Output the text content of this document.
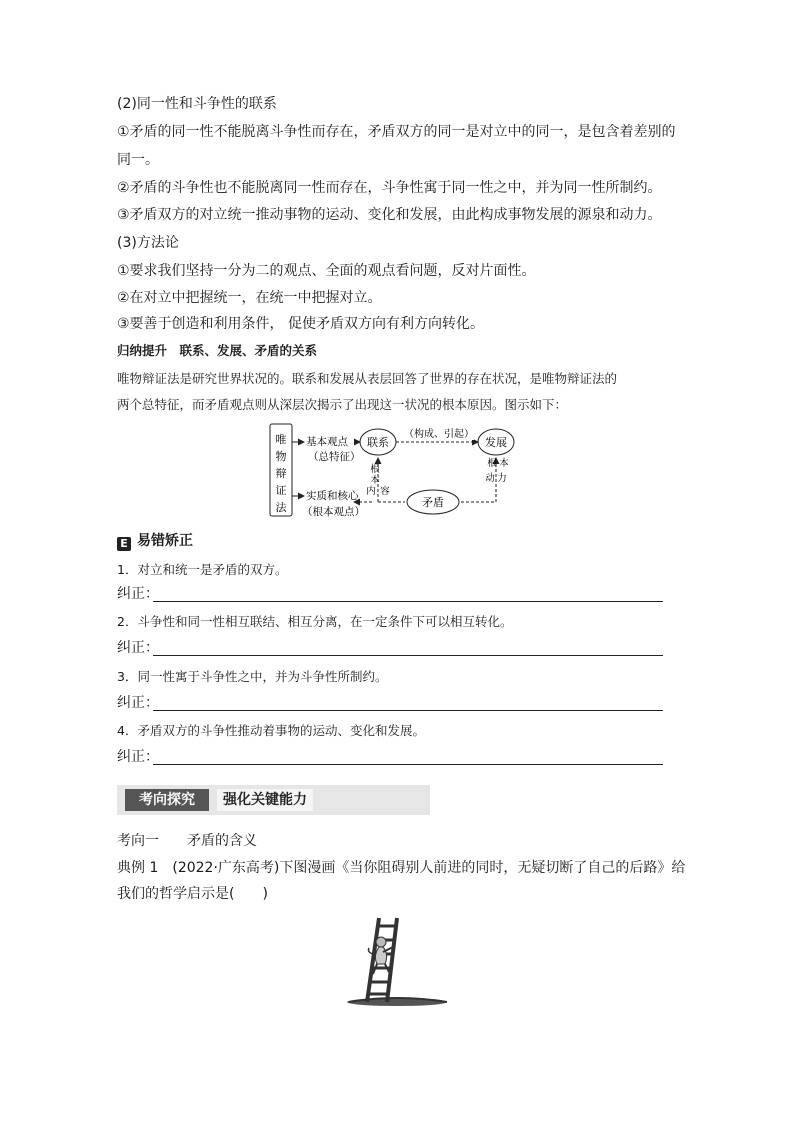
(2)同一性和斗争性的联系
①矛盾的同一性不能脱离斗争性而存在，矛盾双方的同一是对立中的同一，是包含着差别的
同一。
②矛盾的斗争性也不能脱离同一性而存在，斗争性寓于同一性之中，并为同一性所制约。
③矛盾双方的对立统一推动事物的运动、变化和发展，由此构成事物发展的源泉和动力。
(3)方法论
①要求我们坚持一分为二的观点、全面的观点看问题，反对片面性。
②在对立中把握统一，在统一中把握对立。
③要善于创造和利用条件， 促使矛盾双方向有利方向转化。
归纳提升　联系、发展、矛盾的关系
唯物辩证法是研究世界状况的。联系和发展从表层回答了世界的存在状况，是唯物辩证法的
两个总特征，而矛盾观点则从深层次揭示了出现这一状况的根本原因。图示如下：
唯
物
辩
证
法
基本观点
（总特征）
实质和核心
（根本观点）
联系
（构成、引起）
发展
根
本
内 容
根 本
动 力
矛盾
E 易错矫正
1．对立和统一是矛盾的双方。
纠正：
2．斗争性和同一性相互联结、相互分离，在一定条件下可以相互转化。
纠正：
3．同一性寓于斗争性之中，并为斗争性所制约。
纠正：
4．矛盾双方的斗争性推动着事物的运动、变化和发展。
纠正：
考向探究	强化关键能力
考向一　　矛盾的含义
典例 1　(2022·广东高考)下图漫画《当你阻碍别人前进的同时，无疑切断了自己的后路》给
我们的哲学启示是(　　)
